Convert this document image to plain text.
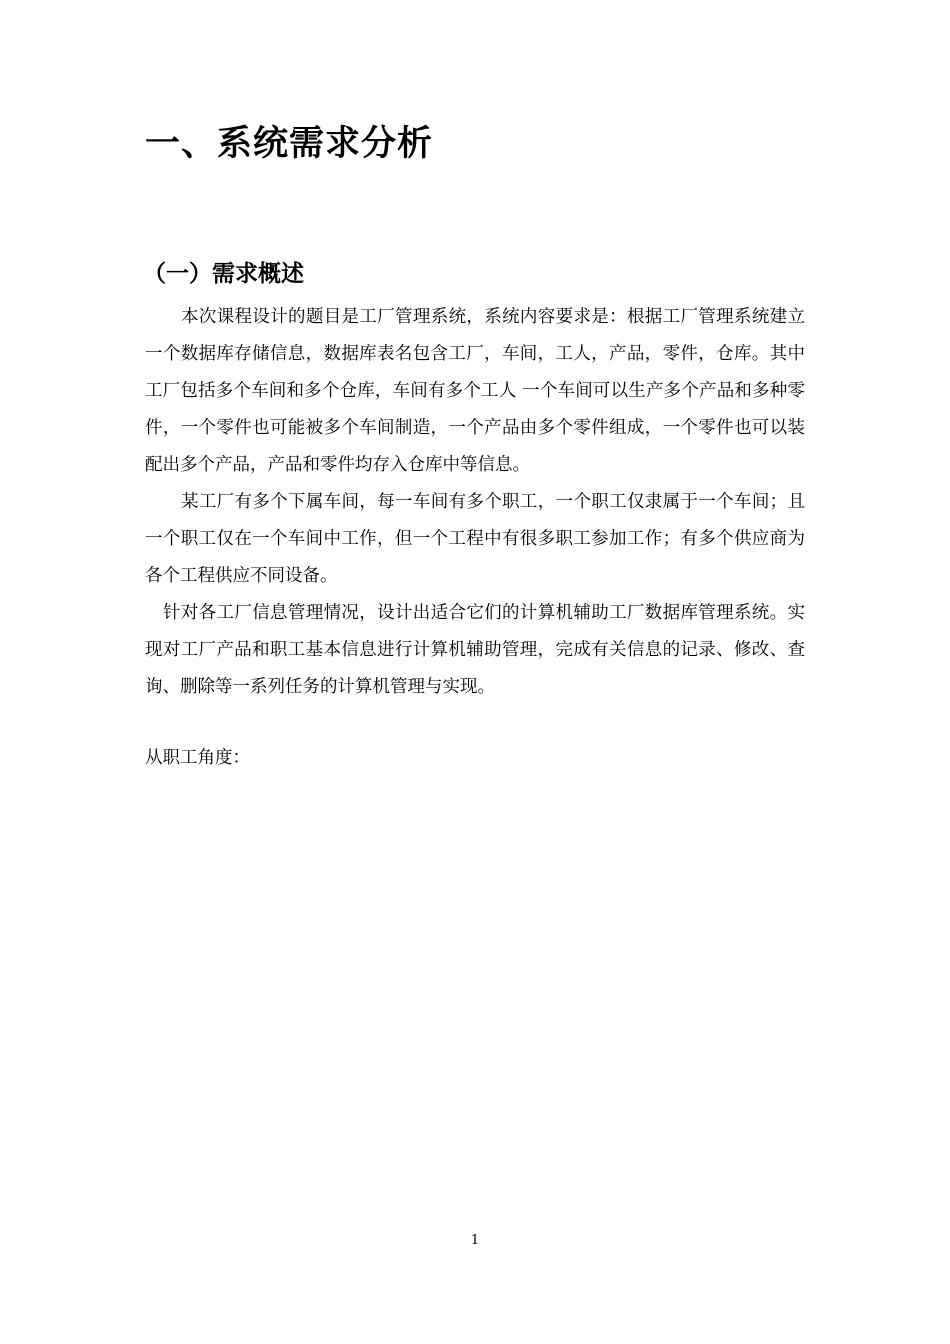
一、系统需求分析
（一）需求概述

本次课程设计的题目是工厂管理系统，系统内容要求是：根据工厂管理系统建立一个数据库存储信息，数据库表名包含工厂，车间，工人，产品，零件，仓库。其中工厂包括多个车间和多个仓库，车间有多个工人 一个车间可以生产多个产品和多种零件，一个零件也可能被多个车间制造，一个产品由多个零件组成，一个零件也可以装配出多个产品，产品和零件均存入仓库中等信息。

某工厂有多个下属车间，每一车间有多个职工，一个职工仅隶属于一个车间；且一个职工仅在一个车间中工作，但一个工程中有很多职工参加工作；有多个供应商为各个工程供应不同设备。

针对各工厂信息管理情况，设计出适合它们的计算机辅助工厂数据库管理系统。实现对工厂产品和职工基本信息进行计算机辅助管理，完成有关信息的记录、修改、查询、删除等一系列任务的计算机管理与实现。

从职工角度：

1
